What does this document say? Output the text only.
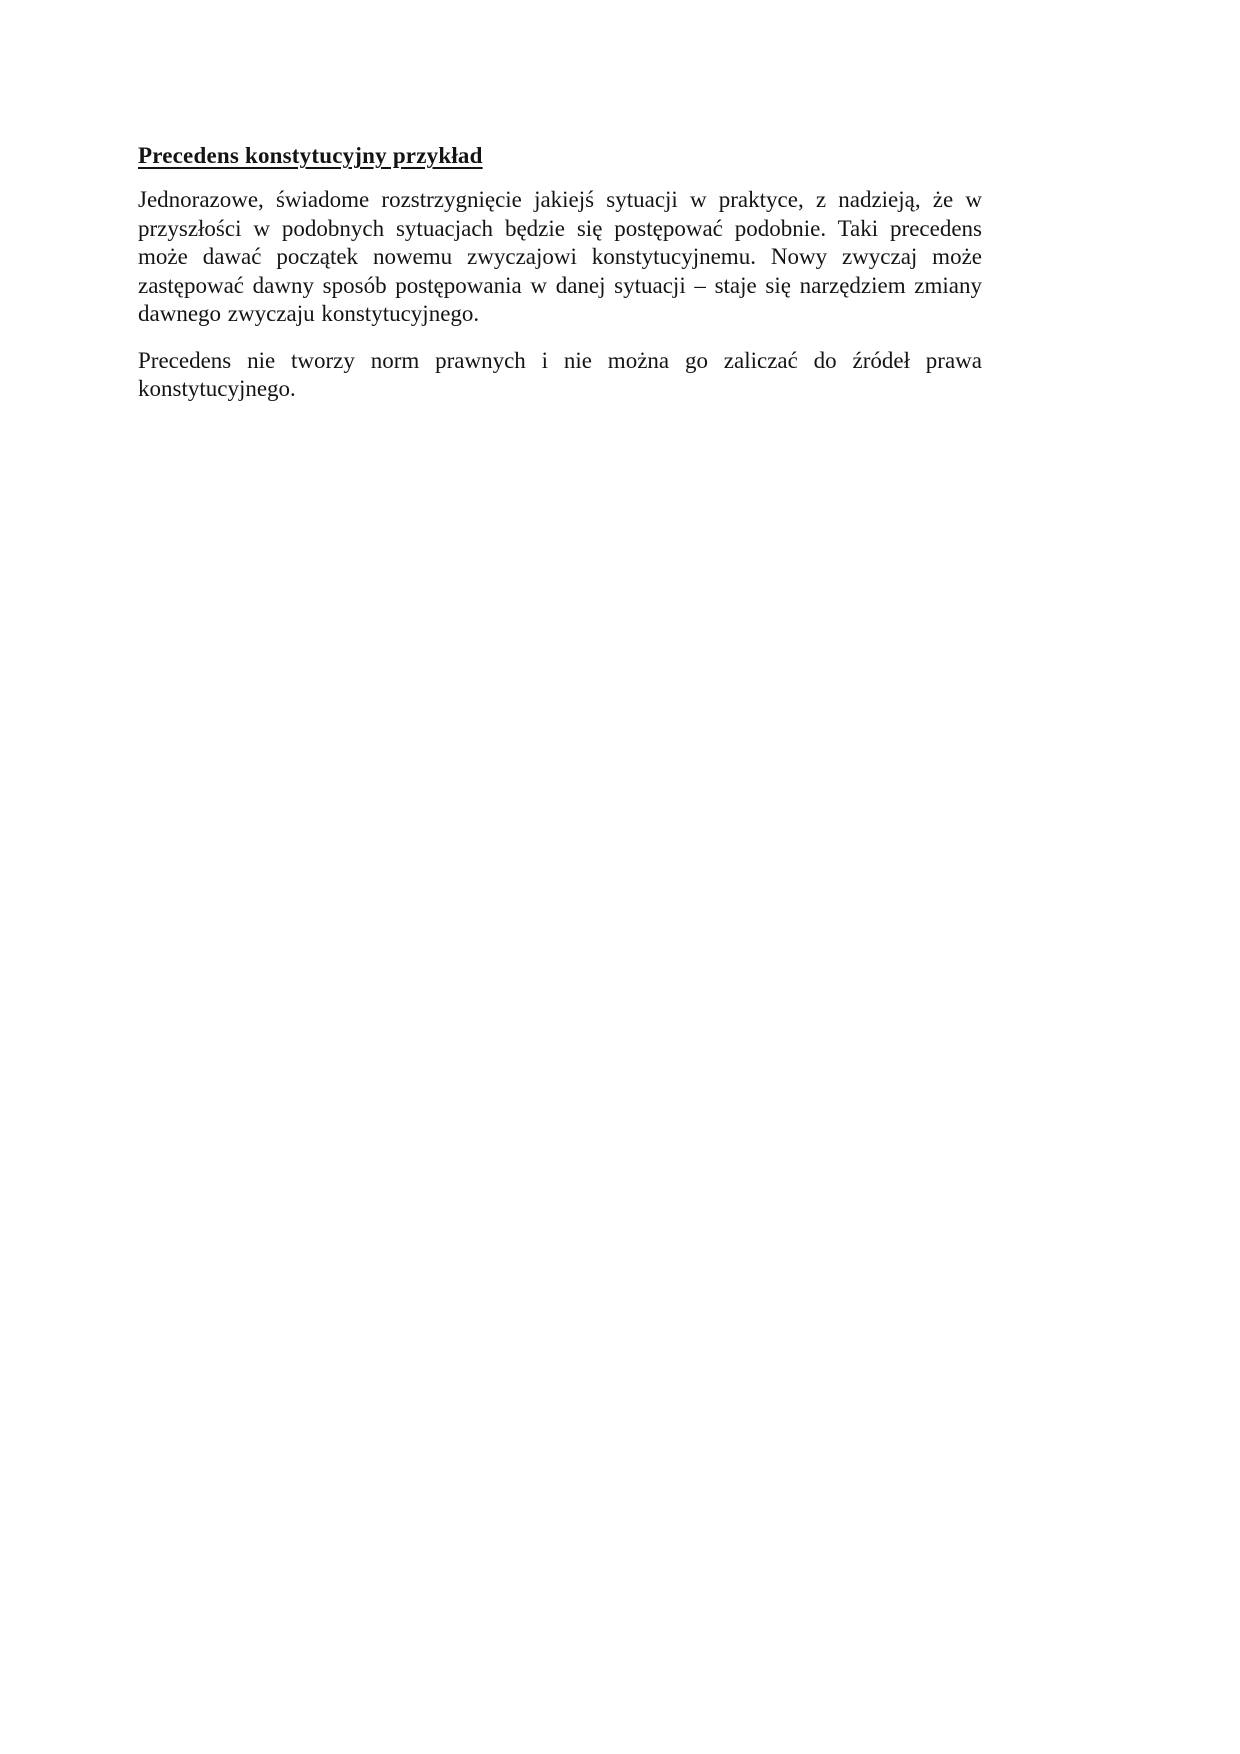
Precedens konstytucyjny przykład

Jednorazowe, świadome rozstrzygnięcie jakiejś sytuacji w praktyce, z nadzieją, że w przyszłości w podobnych sytuacjach będzie się postępować podobnie. Taki precedens może dawać początek nowemu zwyczajowi konstytucyjnemu. Nowy zwyczaj może zastępować dawny sposób postępowania w danej sytuacji – staje się narzędziem zmiany dawnego zwyczaju konstytucyjnego.

Precedens nie tworzy norm prawnych i nie można go zaliczać do źródeł prawa konstytucyjnego.
